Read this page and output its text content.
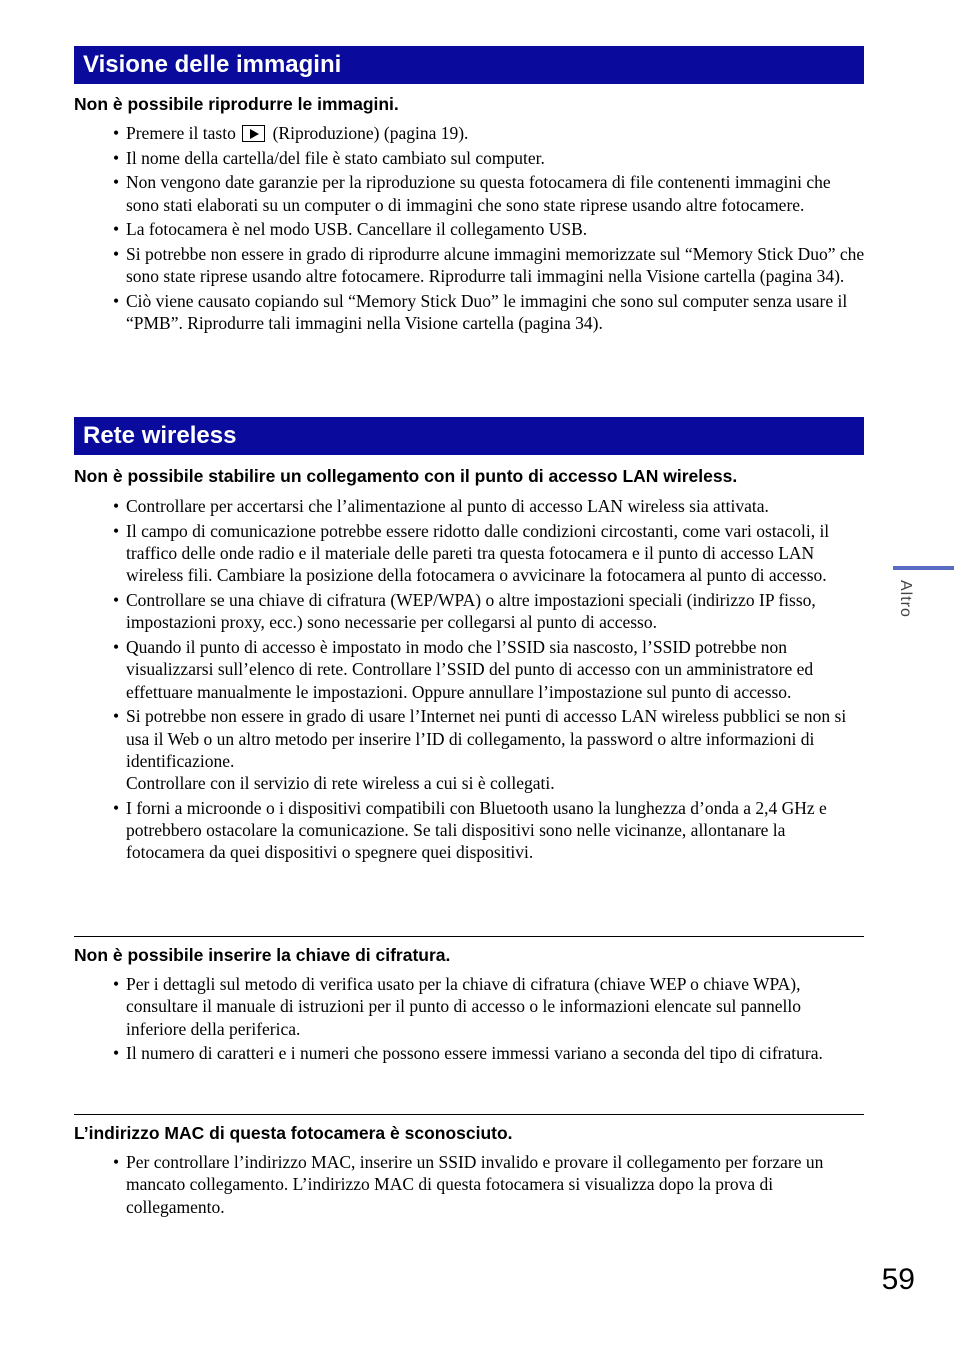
Visione delle immagini
Non è possibile riprodurre le immagini.
• Premere il tasto (Riproduzione) (pagina 19).
• Il nome della cartella/del file è stato cambiato sul computer.
• Non vengono date garanzie per la riproduzione su questa fotocamera di file contenenti immagini che sono stati elaborati su un computer o di immagini che sono state riprese usando altre fotocamere.
• La fotocamera è nel modo USB. Cancellare il collegamento USB.
• Si potrebbe non essere in grado di riprodurre alcune immagini memorizzate sul “Memory Stick Duo” che sono state riprese usando altre fotocamere. Riprodurre tali immagini nella Visione cartella (pagina 34).
• Ciò viene causato copiando sul “Memory Stick Duo” le immagini che sono sul computer senza usare il “PMB”. Riprodurre tali immagini nella Visione cartella (pagina 34).
Rete wireless
Non è possibile stabilire un collegamento con il punto di accesso LAN wireless.
• Controllare per accertarsi che l’alimentazione al punto di accesso LAN wireless sia attivata.
• Il campo di comunicazione potrebbe essere ridotto dalle condizioni circostanti, come vari ostacoli, il traffico delle onde radio e il materiale delle pareti tra questa fotocamera e il punto di accesso LAN wireless fili. Cambiare la posizione della fotocamera o avvicinare la fotocamera al punto di accesso.
• Controllare se una chiave di cifratura (WEP/WPA) o altre impostazioni speciali (indirizzo IP fisso, impostazioni proxy, ecc.) sono necessarie per collegarsi al punto di accesso.
• Quando il punto di accesso è impostato in modo che l’SSID sia nascosto, l’SSID potrebbe non visualizzarsi sull’elenco di rete. Controllare l’SSID del punto di accesso con un amministratore ed effettuare manualmente le impostazioni. Oppure annullare l’impostazione sul punto di accesso.
• Si potrebbe non essere in grado di usare l’Internet nei punti di accesso LAN wireless pubblici se non si usa il Web o un altro metodo per inserire l’ID di collegamento, la password o altre informazioni di identificazione.
Controllare con il servizio di rete wireless a cui si è collegati.
• I forni a microonde o i dispositivi compatibili con Bluetooth usano la lunghezza d’onda a 2,4 GHz e potrebbero ostacolare la comunicazione. Se tali dispositivi sono nelle vicinanze, allontanare la fotocamera da quei dispositivi o spegnere quei dispositivi.
Non è possibile inserire la chiave di cifratura.
• Per i dettagli sul metodo di verifica usato per la chiave di cifratura (chiave WEP o chiave WPA), consultare il manuale di istruzioni per il punto di accesso o le informazioni elencate sul pannello inferiore della periferica.
• Il numero di caratteri e i numeri che possono essere immessi variano a seconda del tipo di cifratura.
L’indirizzo MAC di questa fotocamera è sconosciuto.
• Per controllare l’indirizzo MAC, inserire un SSID invalido e provare il collegamento per forzare un mancato collegamento. L’indirizzo MAC di questa fotocamera si visualizza dopo la prova di collegamento.
Altro
59
